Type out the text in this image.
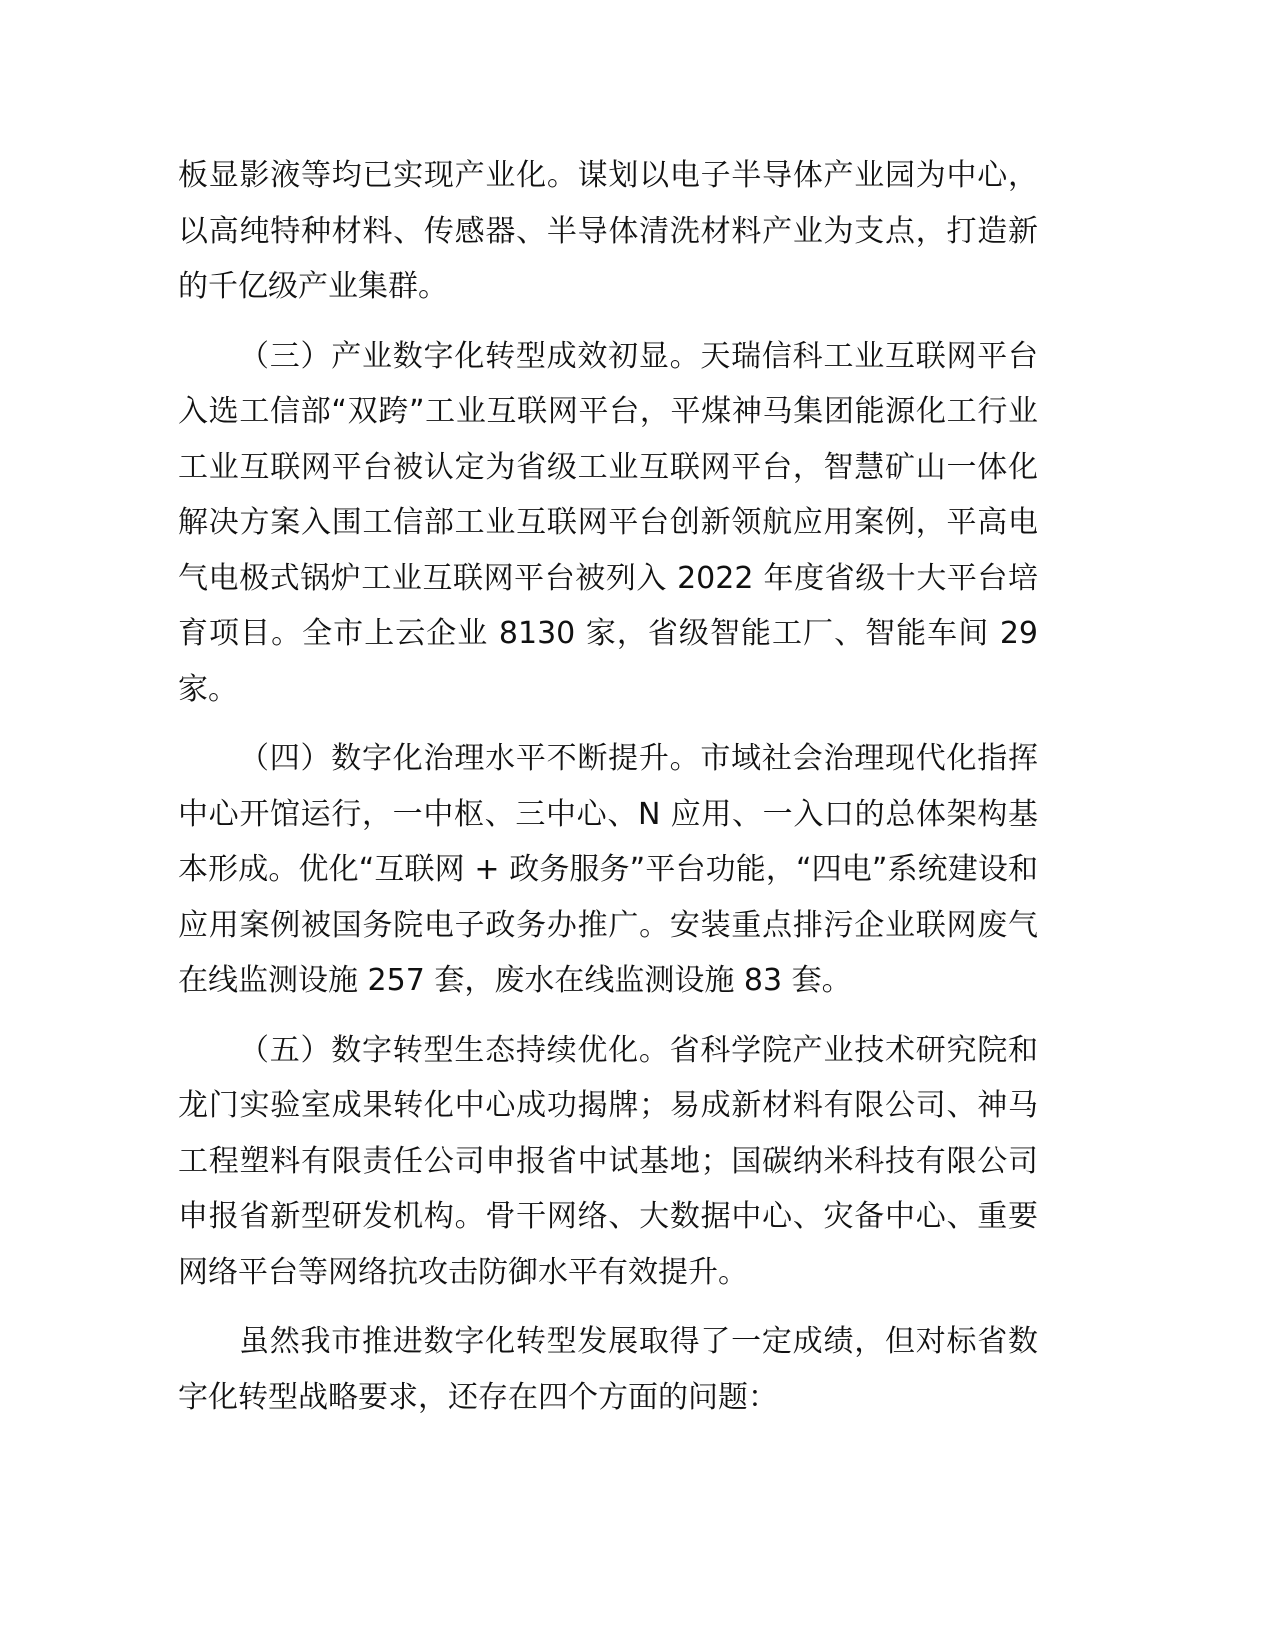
板显影液等均已实现产业化。谋划以电子半导体产业园为中心，以高纯特种材料、传感器、半导体清洗材料产业为支点，打造新的千亿级产业集群。

（三）产业数字化转型成效初显。天瑞信科工业互联网平台入选工信部“双跨”工业互联网平台，平煤神马集团能源化工行业工业互联网平台被认定为省级工业互联网平台，智慧矿山一体化解决方案入围工信部工业互联网平台创新领航应用案例，平高电气电极式锅炉工业互联网平台被列入 2022 年度省级十大平台培育项目。全市上云企业 8130 家，省级智能工厂、智能车间 29 家。

（四）数字化治理水平不断提升。市域社会治理现代化指挥中心开馆运行，一中枢、三中心、N 应用、一入口的总体架构基本形成。优化“互联网 + 政务服务”平台功能，“四电”系统建设和应用案例被国务院电子政务办推广。安装重点排污企业联网废气在线监测设施 257 套，废水在线监测设施 83 套。

（五）数字转型生态持续优化。省科学院产业技术研究院和龙门实验室成果转化中心成功揭牌；易成新材料有限公司、神马工程塑料有限责任公司申报省中试基地；国碳纳米科技有限公司申报省新型研发机构。骨干网络、大数据中心、灾备中心、重要网络平台等网络抗攻击防御水平有效提升。

虽然我市推进数字化转型发展取得了一定成绩，但对标省数字化转型战略要求，还存在四个方面的问题：
